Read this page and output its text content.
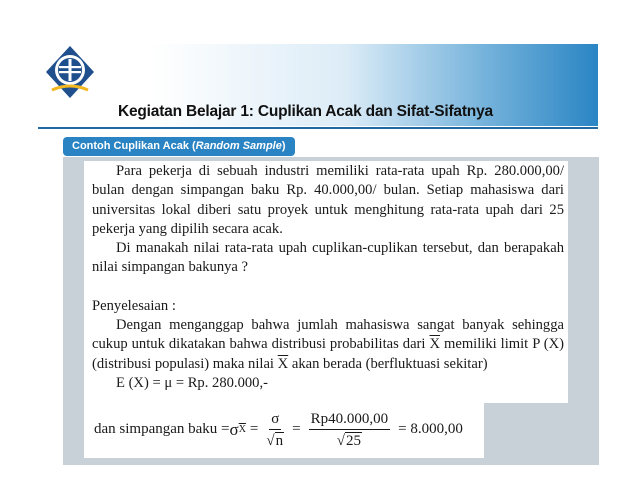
Kegiatan Belajar 1: Cuplikan Acak dan Sifat-Sifatnya
Contoh Cuplikan Acak (Random Sample)

Para pekerja di sebuah industri memiliki rata-rata upah Rp. 280.000,00/ bulan dengan simpangan baku Rp. 40.000,00/ bulan. Setiap mahasiswa dari universitas lokal diberi satu proyek untuk menghitung rata-rata upah dari 25 pekerja yang dipilih secara acak.

Di manakah nilai rata-rata upah cuplikan-cuplikan tersebut, dan berapakah nilai simpangan bakunya ?

Penyelesaian :

Dengan menganggap bahwa jumlah mahasiswa sangat banyak sehingga cukup untuk dikatakan bahwa distribusi probabilitas dari $\overline{X}$ memiliki limit P (X) (distribusi populasi) maka nilai $\overline{X}$ akan berada (berfluktuasi sekitar)

E (X) = μ = Rp. 280.000,-

dan simpangan baku = σ $\overline{X} = \frac{\sigma}{√n} = \frac{Rp40.000,00}{√25} = 8.000,00$
